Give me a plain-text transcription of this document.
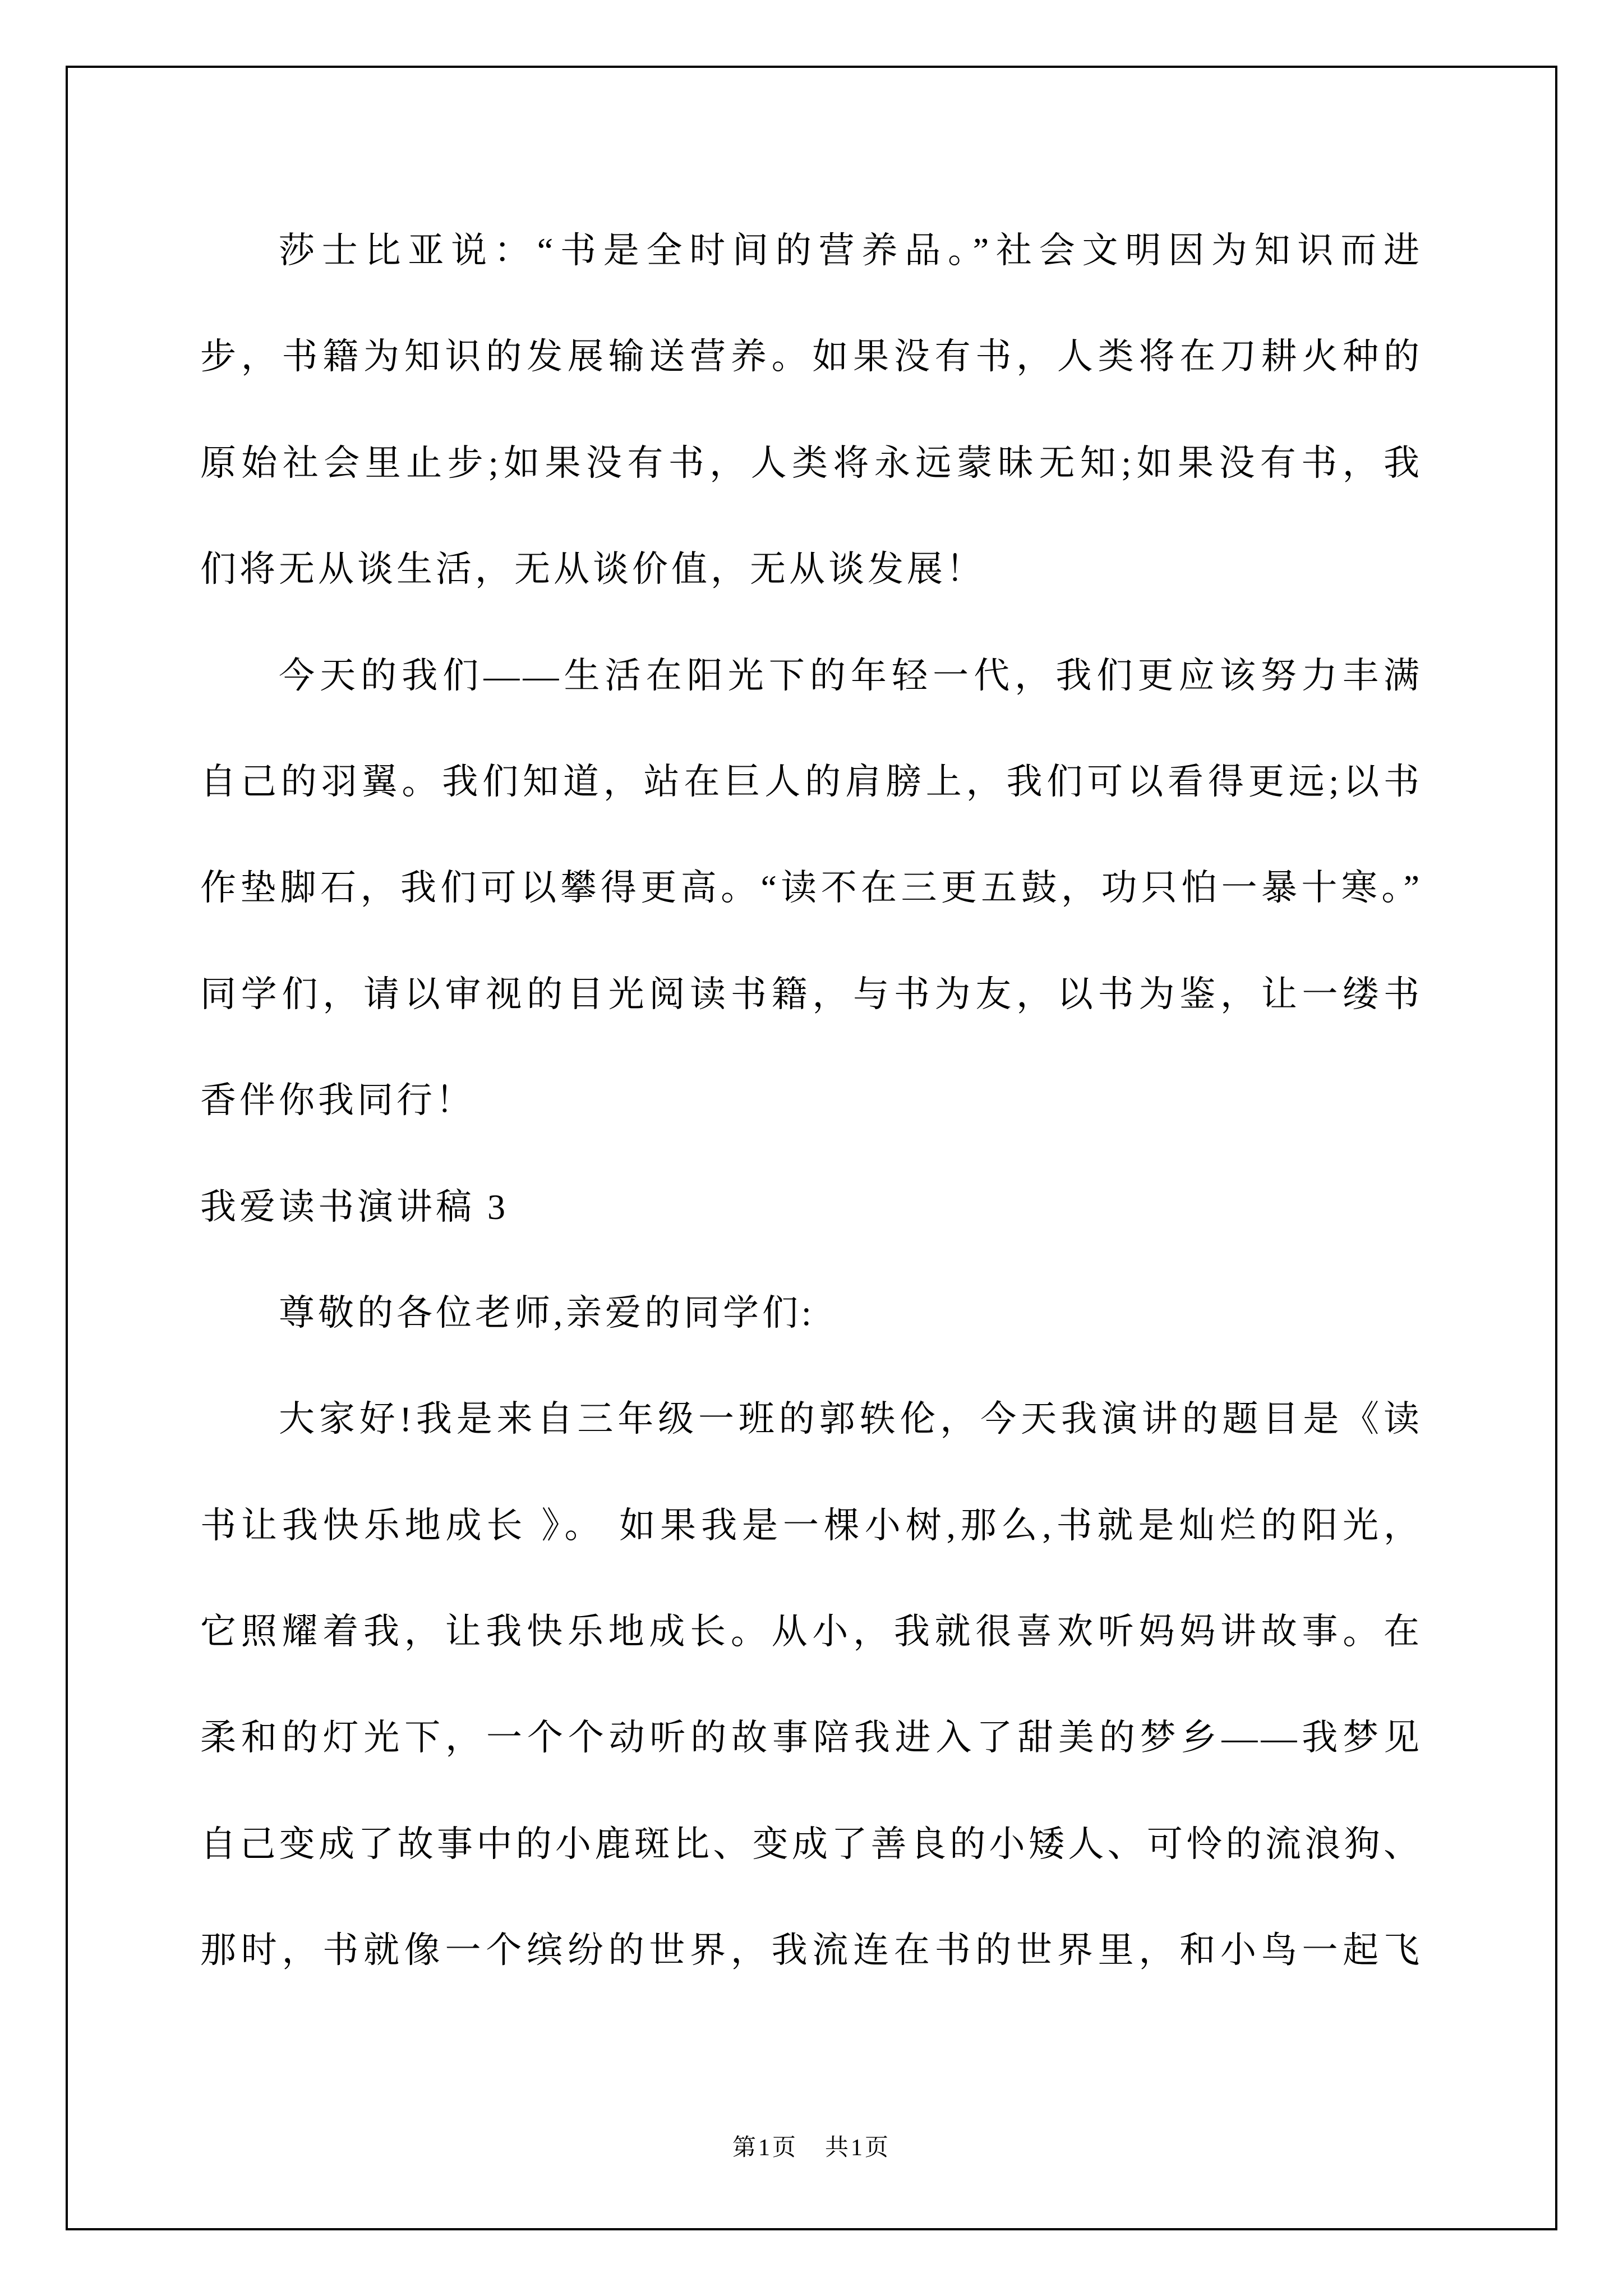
莎士比亚说：“书是全时间的营养品。”社会文明因为知识而进
步，书籍为知识的发展输送营养。如果没有书，人类将在刀耕火种的
原始社会里止步;如果没有书，人类将永远蒙昧无知;如果没有书，我
们将无从谈生活，无从谈价值，无从谈发展！
今天的我们——生活在阳光下的年轻一代，我们更应该努力丰满
自己的羽翼。我们知道，站在巨人的肩膀上，我们可以看得更远;以书
作垫脚石，我们可以攀得更高。“读不在三更五鼓，功只怕一暴十寒。”
同学们，请以审视的目光阅读书籍，与书为友，以书为鉴，让一缕书
香伴你我同行！
我爱读书演讲稿 3
尊敬的各位老师,亲爱的同学们:
大家好!我是来自三年级一班的郭轶伦，今天我演讲的题目是《读
书让我快乐地成长 》。 如果我是一棵小树,那么,书就是灿烂的阳光，
它照耀着我，让我快乐地成长。从小，我就很喜欢听妈妈讲故事。在
柔和的灯光下，一个个动听的故事陪我进入了甜美的梦乡——我梦见
自己变成了故事中的小鹿斑比、变成了善良的小矮人、可怜的流浪狗、
那时，书就像一个缤纷的世界，我流连在书的世界里，和小鸟一起飞
第1页 共1页
